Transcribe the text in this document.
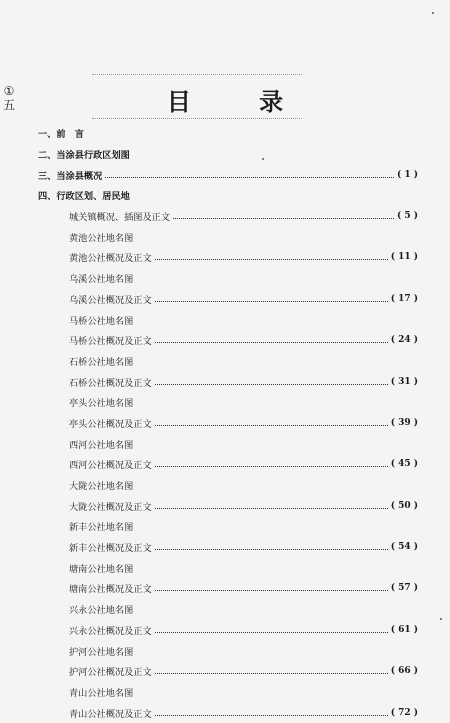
①
五	目 录
一、前　言
二、当涂县行政区划图
三、当涂县概况	( 1 )
四、行政区划、居民地
城关镇概况、插图及正文	( 5 )
黄池公社地名图
黄池公社概况及正文	( 11 )
乌溪公社地名图
乌溪公社概况及正文	( 17 )
马桥公社地名图
马桥公社概况及正文	( 24 )
石桥公社地名图
石桥公社概况及正文	( 31 )
亭头公社地名图
亭头公社概况及正文	( 39 )
西河公社地名图
西河公社概况及正文	( 45 )
大陇公社地名图
大陇公社概况及正文	( 50 )
新丰公社地名图
新丰公社概况及正文	( 54 )
塘南公社地名图
塘南公社概况及正文	( 57 )
兴永公社地名图
兴永公社概况及正文	( 61 )
护河公社地名图
护河公社概况及正文	( 66 )
青山公社地名图
青山公社概况及正文	( 72 )
